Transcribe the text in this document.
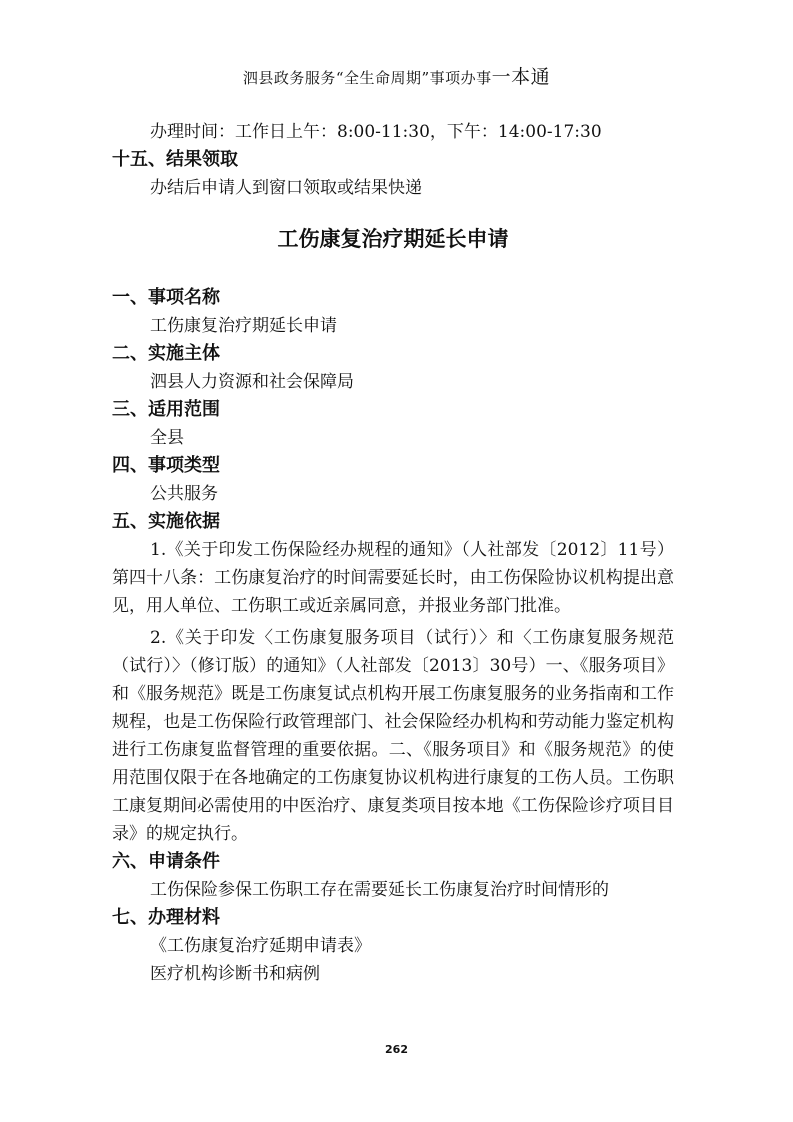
泗县政务服务“全生命周期”事项办事一本通
办理时间：工作日上午：8:00-11:30，下午：14:00-17:30
十五、结果领取
办结后申请人到窗口领取或结果快递
工伤康复治疗期延长申请
一、事项名称
工伤康复治疗期延长申请
二、实施主体
泗县人力资源和社会保障局
三、适用范围
全县
四、事项类型
公共服务
五、实施依据
1.《关于印发工伤保险经办规程的通知》（人社部发〔2012〕11号）第四十八条：工伤康复治疗的时间需要延长时，由工伤保险协议机构提出意见，用人单位、工伤职工或近亲属同意，并报业务部门批准。
2.《关于印发〈工伤康复服务项目（试行）〉和〈工伤康复服务规范（试行）〉（修订版）的通知》（人社部发〔2013〕30号）一、《服务项目》和《服务规范》既是工伤康复试点机构开展工伤康复服务的业务指南和工作规程，也是工伤保险行政管理部门、社会保险经办机构和劳动能力鉴定机构进行工伤康复监督管理的重要依据。二、《服务项目》和《服务规范》的使用范围仅限于在各地确定的工伤康复协议机构进行康复的工伤人员。工伤职工康复期间必需使用的中医治疗、康复类项目按本地《工伤保险诊疗项目目录》的规定执行。
六、申请条件
工伤保险参保工伤职工存在需要延长工伤康复治疗时间情形的
七、办理材料
《工伤康复治疗延期申请表》
医疗机构诊断书和病例
262
